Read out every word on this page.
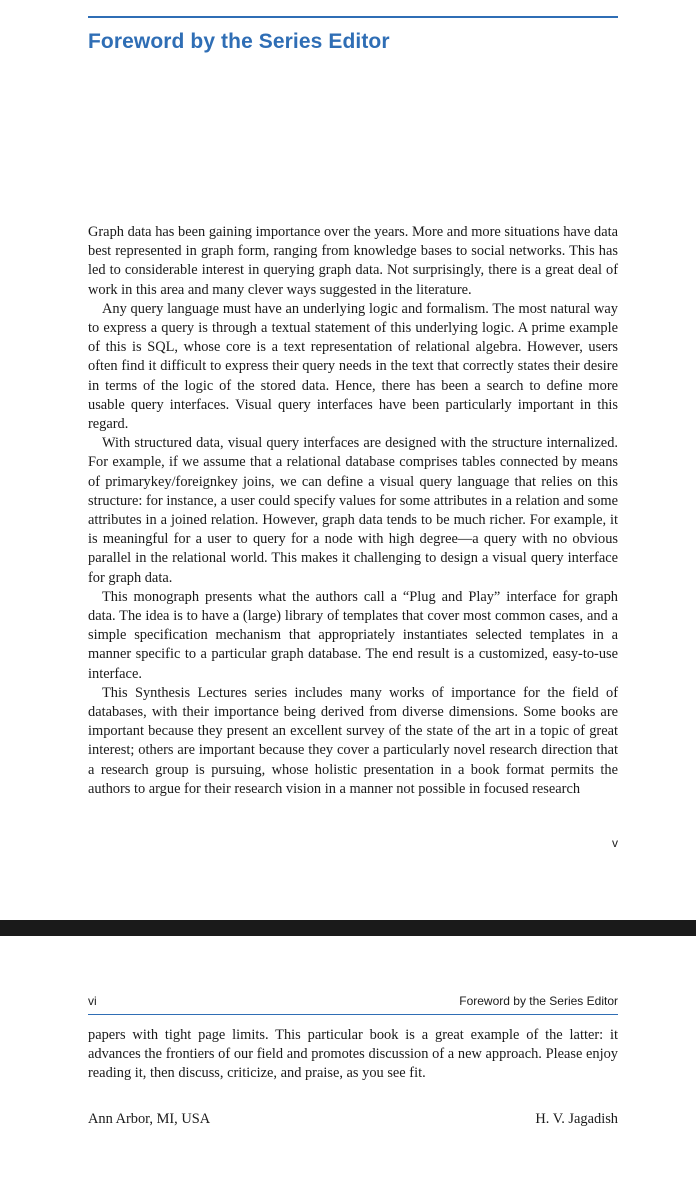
Foreword by the Series Editor

Graph data has been gaining importance over the years. More and more situations have data best represented in graph form, ranging from knowledge bases to social networks. This has led to considerable interest in querying graph data. Not surprisingly, there is a great deal of work in this area and many clever ways suggested in the literature.

Any query language must have an underlying logic and formalism. The most natural way to express a query is through a textual statement of this underlying logic. A prime example of this is SQL, whose core is a text representation of relational algebra. However, users often find it difficult to express their query needs in the text that correctly states their desire in terms of the logic of the stored data. Hence, there has been a search to define more usable query interfaces. Visual query interfaces have been particularly important in this regard.

With structured data, visual query interfaces are designed with the structure internalized. For example, if we assume that a relational database comprises tables connected by means of primarykey/foreignkey joins, we can define a visual query language that relies on this structure: for instance, a user could specify values for some attributes in a relation and some attributes in a joined relation. However, graph data tends to be much richer. For example, it is meaningful for a user to query for a node with high degree—a query with no obvious parallel in the relational world. This makes it challenging to design a visual query interface for graph data.

This monograph presents what the authors call a “Plug and Play” interface for graph data. The idea is to have a (large) library of templates that cover most common cases, and a simple specification mechanism that appropriately instantiates selected templates in a manner specific to a particular graph database. The end result is a customized, easy-to-use interface.

This Synthesis Lectures series includes many works of importance for the field of databases, with their importance being derived from diverse dimensions. Some books are important because they present an excellent survey of the state of the art in a topic of great interest; others are important because they cover a particularly novel research direction that a research group is pursuing, whose holistic presentation in a book format permits the authors to argue for their research vision in a manner not possible in focused research

v
vi	Foreword by the Series Editor

papers with tight page limits. This particular book is a great example of the latter: it advances the frontiers of our field and promotes discussion of a new approach. Please enjoy reading it, then discuss, criticize, and praise, as you see fit.

Ann Arbor, MI, USA	H. V. Jagadish
